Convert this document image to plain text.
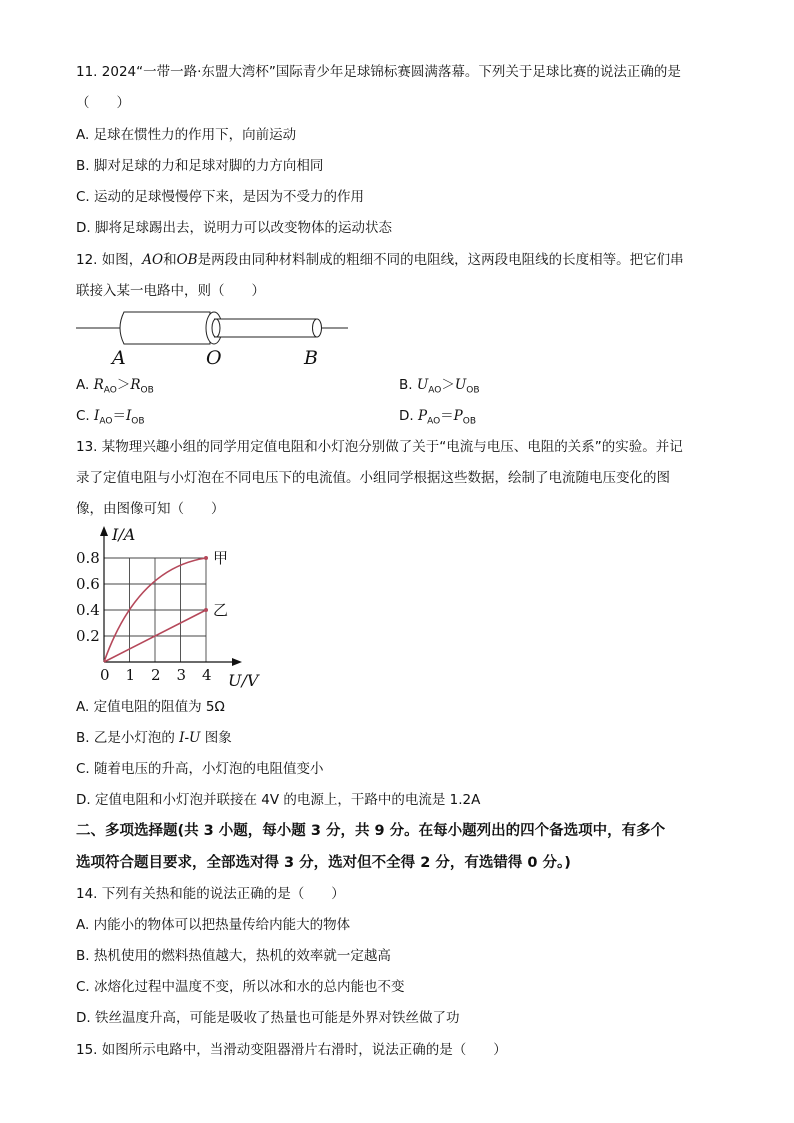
11. 2024“一带一路·东盟大湾杯”国际青少年足球锦标赛圆满落幕。下列关于足球比赛的说法正确的是
（　　）
A. 足球在惯性力的作用下，向前运动
B. 脚对足球的力和足球对脚的力方向相同
C. 运动的足球慢慢停下来，是因为不受力的作用
D. 脚将足球踢出去，说明力可以改变物体的运动状态
12. 如图，AO和OB是两段由同种材料制成的粗细不同的电阻线，这两段电阻线的长度相等。把它们串
联接入某一电路中，则（　　）
A	O	B
A. $R_{AO}>R_{OB}$	B. $U_{AO}>U_{OB}$
C. $I_{AO}=I_{OB}$	D. $P_{AO}=P_{OB}$
13. 某物理兴趣小组的同学用定值电阻和小灯泡分别做了关于“电流与电压、电阻的关系”的实验。并记
录了定值电阻与小灯泡在不同电压下的电流值。小组同学根据这些数据，绘制了电流随电压变化的图
像，由图像可知（　　）
甲
乙
0 1 2 3 4
0.2
0.4
0.6
0.8
I/A
U/V
A. 定值电阻的阻值为 5Ω
B. 乙是小灯泡的 I-U 图象
C. 随着电压的升高，小灯泡的电阻值变小
D. 定值电阻和小灯泡并联接在 4V 的电源上，干路中的电流是 1.2A
二、多项选择题(共 3 小题，每小题 3 分，共 9 分。在每小题列出的四个备选项中，有多个
选项符合题目要求，全部选对得 3 分，选对但不全得 2 分，有选错得 0 分。)
14. 下列有关热和能的说法正确的是（　　）
A. 内能小的物体可以把热量传给内能大的物体
B. 热机使用的燃料热值越大，热机的效率就一定越高
C. 冰熔化过程中温度不变，所以冰和水的总内能也不变
D. 铁丝温度升高，可能是吸收了热量也可能是外界对铁丝做了功
15. 如图所示电路中，当滑动变阻器滑片右滑时，说法正确的是（　　）
